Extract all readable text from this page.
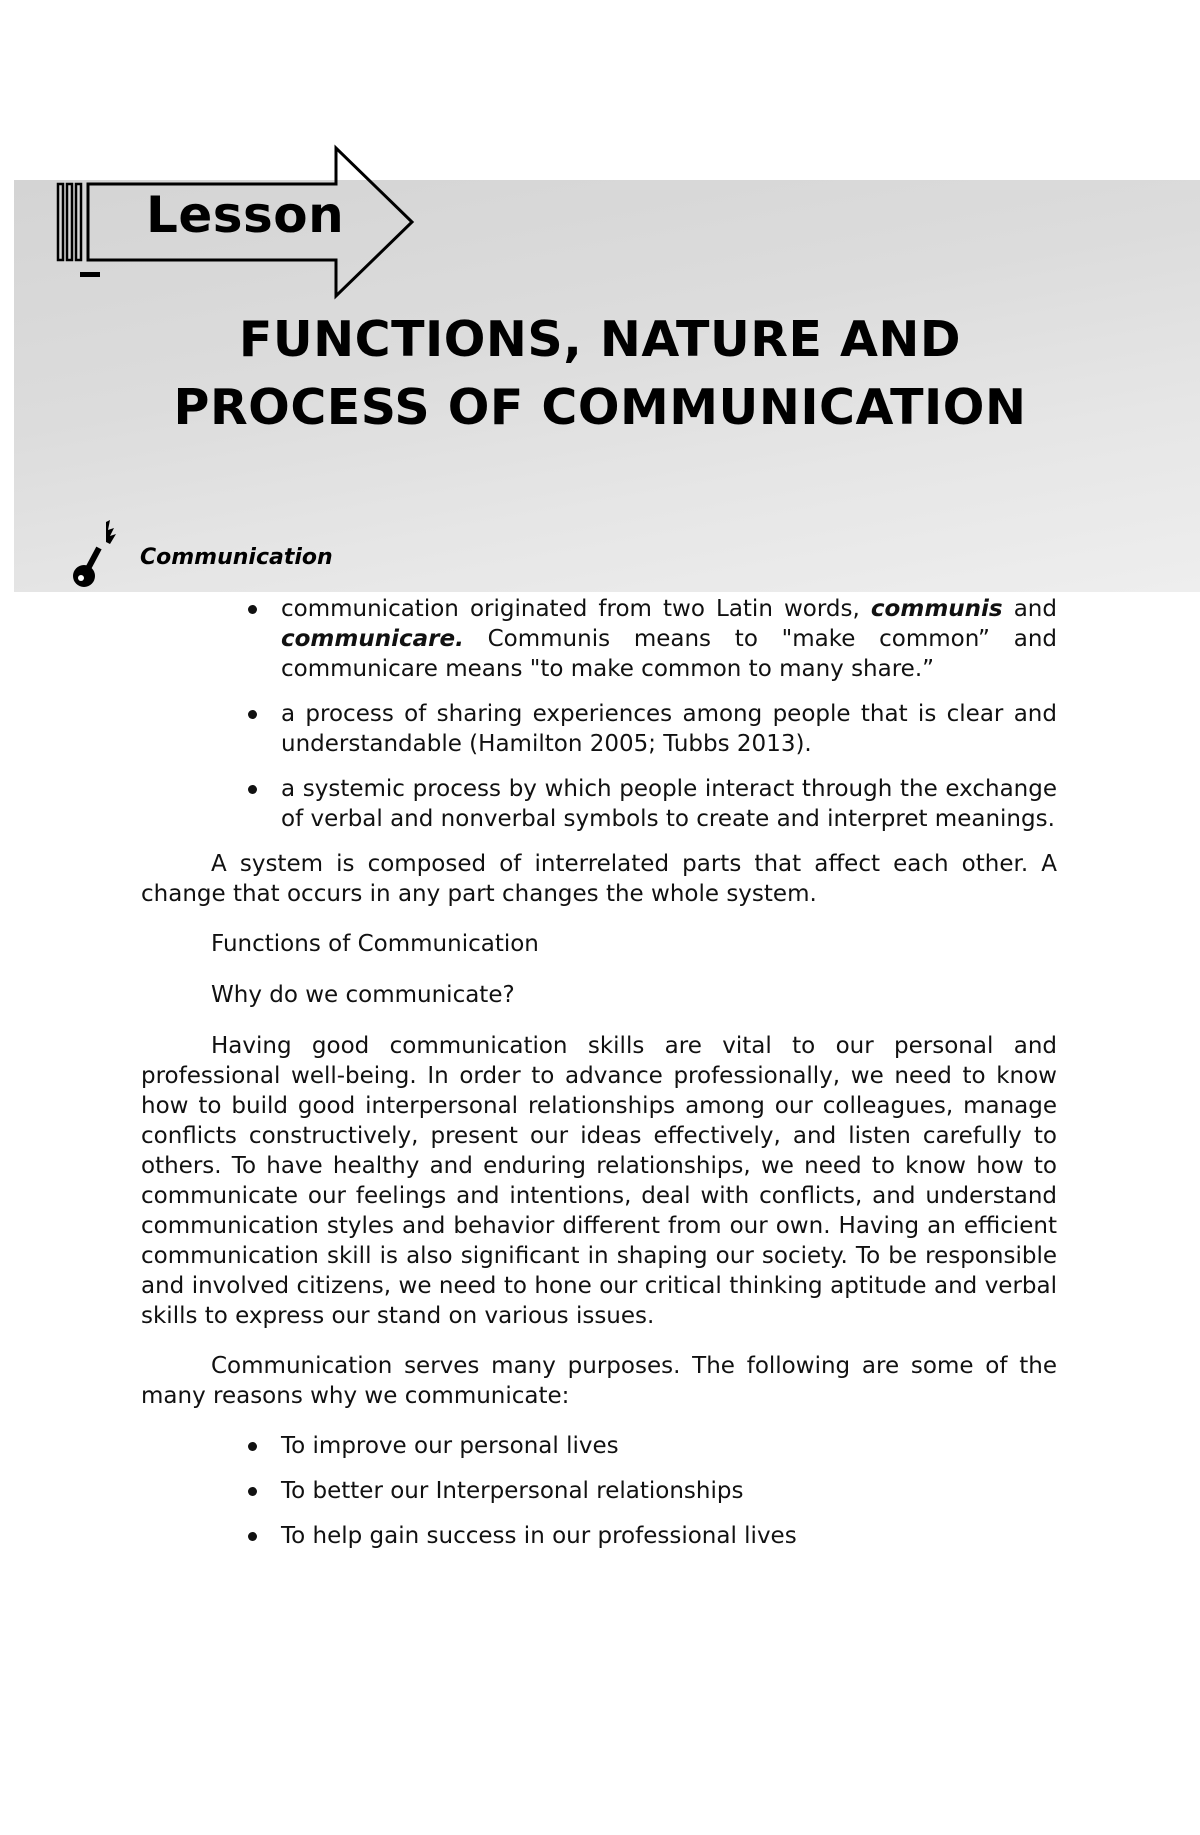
Lesson
FUNCTIONS, NATURE AND
PROCESS OF COMMUNICATION
Communication
communication originated from two Latin words, communis and communicare. Communis means to "make common” and communicare means "to make common to many share.”
a process of sharing experiences among people that is clear and understandable (Hamilton 2005; Tubbs 2013).
a systemic process by which people interact through the exchange of verbal and nonverbal symbols to create and interpret meanings.

A system is composed of interrelated parts that affect each other. A change that occurs in any part changes the whole system.

Functions of Communication

Why do we communicate?

Having good communication skills are vital to our personal and professional well-being. In order to advance professionally, we need to know how to build good interpersonal relationships among our colleagues, manage conflicts constructively, present our ideas effectively, and listen carefully to others. To have healthy and enduring relationships, we need to know how to communicate our feelings and intentions, deal with conflicts, and understand communication styles and behavior different from our own. Having an efficient communication skill is also significant in shaping our society. To be responsible and involved citizens, we need to hone our critical thinking aptitude and verbal skills to express our stand on various issues.

Communication serves many purposes. The following are some of the many reasons why we communicate:

To improve our personal lives
To better our Interpersonal relationships
To help gain success in our professional lives
